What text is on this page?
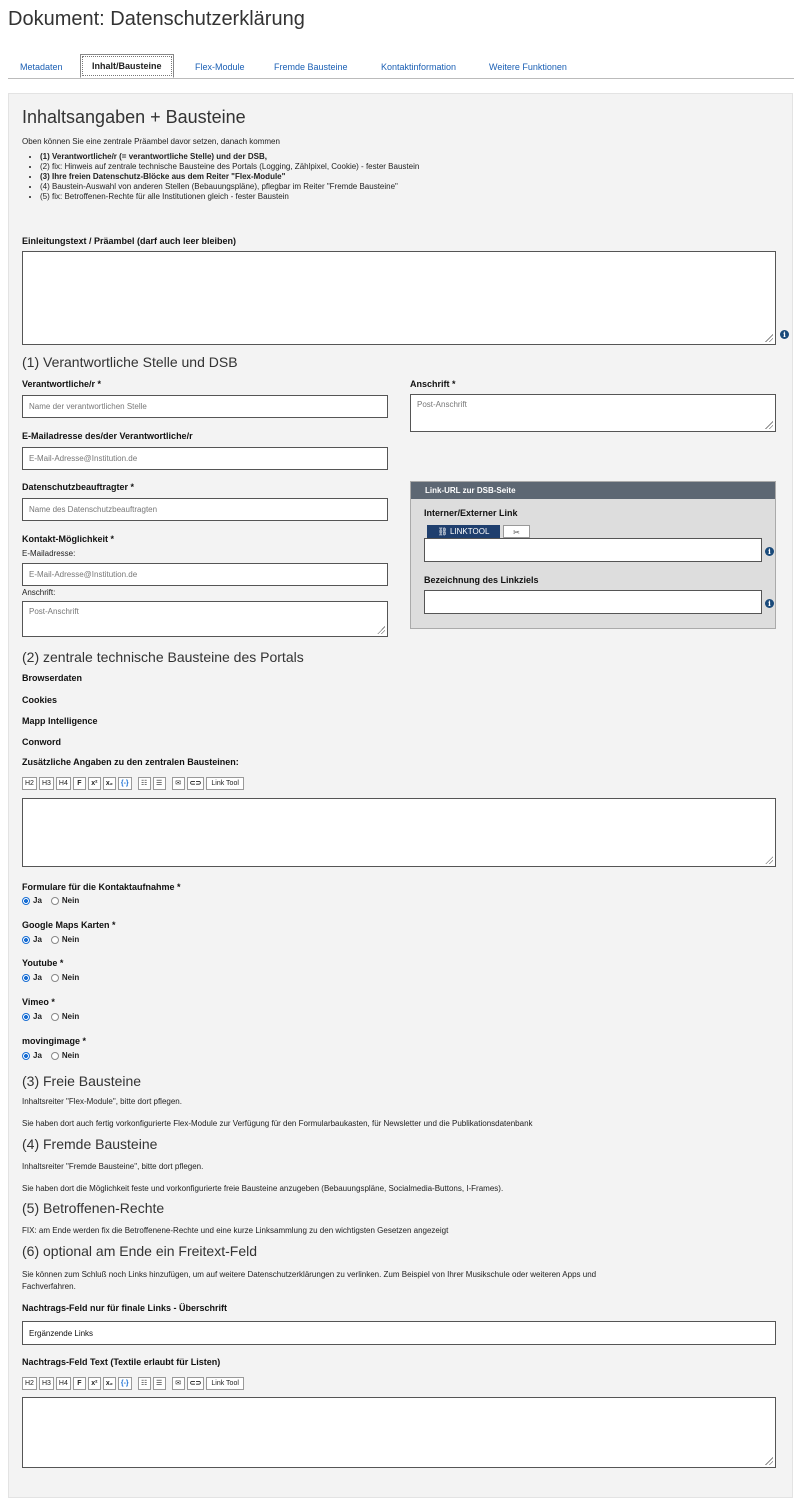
Dokument: Datenschutzerklärung
Metadaten	Inhalt/Bausteine	Flex-Module	Fremde Bausteine	Kontaktinformation	Weitere Funktionen
Inhaltsangaben + Bausteine
Oben können Sie eine zentrale Präambel davor setzen, danach kommen
• (1) Verantwortliche/r (= verantwortliche Stelle) und der DSB,
• (2) fix: Hinweis auf zentrale technische Bausteine des Portals (Logging, Zählpixel, Cookie) - fester Baustein
• (3) Ihre freien Datenschutz-Blöcke aus dem Reiter "Flex-Module"
• (4) Baustein-Auswahl von anderen Stellen (Bebauungspläne), pflegbar im Reiter "Fremde Bausteine"
• (5) fix: Betroffenen-Rechte für alle Institutionen gleich - fester Baustein
Einleitungstext / Präambel (darf auch leer bleiben)
i
(1) Verantwortliche Stelle und DSB
Verantwortliche/r *
Name der verantwortlichen Stelle	Anschrift *
Post-Anschrift
E-Mailadresse des/der Verantwortliche/r
E-Mail-Adresse@Institution.de
Datenschutzbeauftragter *
Name des Datenschutzbeauftragten
Kontakt-Möglichkeit *
E-Mailadresse:
E-Mail-Adresse@Institution.de
Anschrift:
Post-Anschrift
Link-URL zur DSB-Seite
Interner/Externer Link
⛓ LINKTOOL	✂
i
Bezeichnung des Linkziels
i
(2) zentrale technische Bausteine des Portals
Browserdaten
Cookies
Mapp Intelligence
Conword
Zusätzliche Angaben zu den zentralen Bausteinen:
H2	H3	H4	F	x²	x₂	{-}	☷	☰	✉	⊂⊃	Link Tool
Formulare für die Kontaktaufnahme *
Ja	Nein
Google Maps Karten *
Ja	Nein
Youtube *
Ja	Nein
Vimeo *
Ja	Nein
movingimage *
Ja	Nein
(3) Freie Bausteine
Inhaltsreiter "Flex-Module", bitte dort pflegen.
Sie haben dort auch fertig vorkonfigurierte Flex-Module zur Verfügung für den Formularbaukasten, für Newsletter und die Publikationsdatenbank
(4) Fremde Bausteine
Inhaltsreiter "Fremde Bausteine", bitte dort pflegen.
Sie haben dort die Möglichkeit feste und vorkonfigurierte freie Bausteine anzugeben (Bebauungspläne, Socialmedia-Buttons, I-Frames).
(5) Betroffenen-Rechte
FIX: am Ende werden fix die Betroffenene-Rechte und eine kurze Linksammlung zu den wichtigsten Gesetzen angezeigt
(6) optional am Ende ein Freitext-Feld
Sie können zum Schluß noch Links hinzufügen, um auf weitere Datenschutzerklärungen zu verlinken. Zum Beispiel von Ihrer Musikschule oder weiteren Apps und
Fachverfahren.
Nachtrags-Feld nur für finale Links - Überschrift
Ergänzende Links
Nachtrags-Feld Text (Textile erlaubt für Listen)
H2	H3	H4	F	x²	x₂	{-}	☷	☰	✉	⊂⊃	Link Tool
